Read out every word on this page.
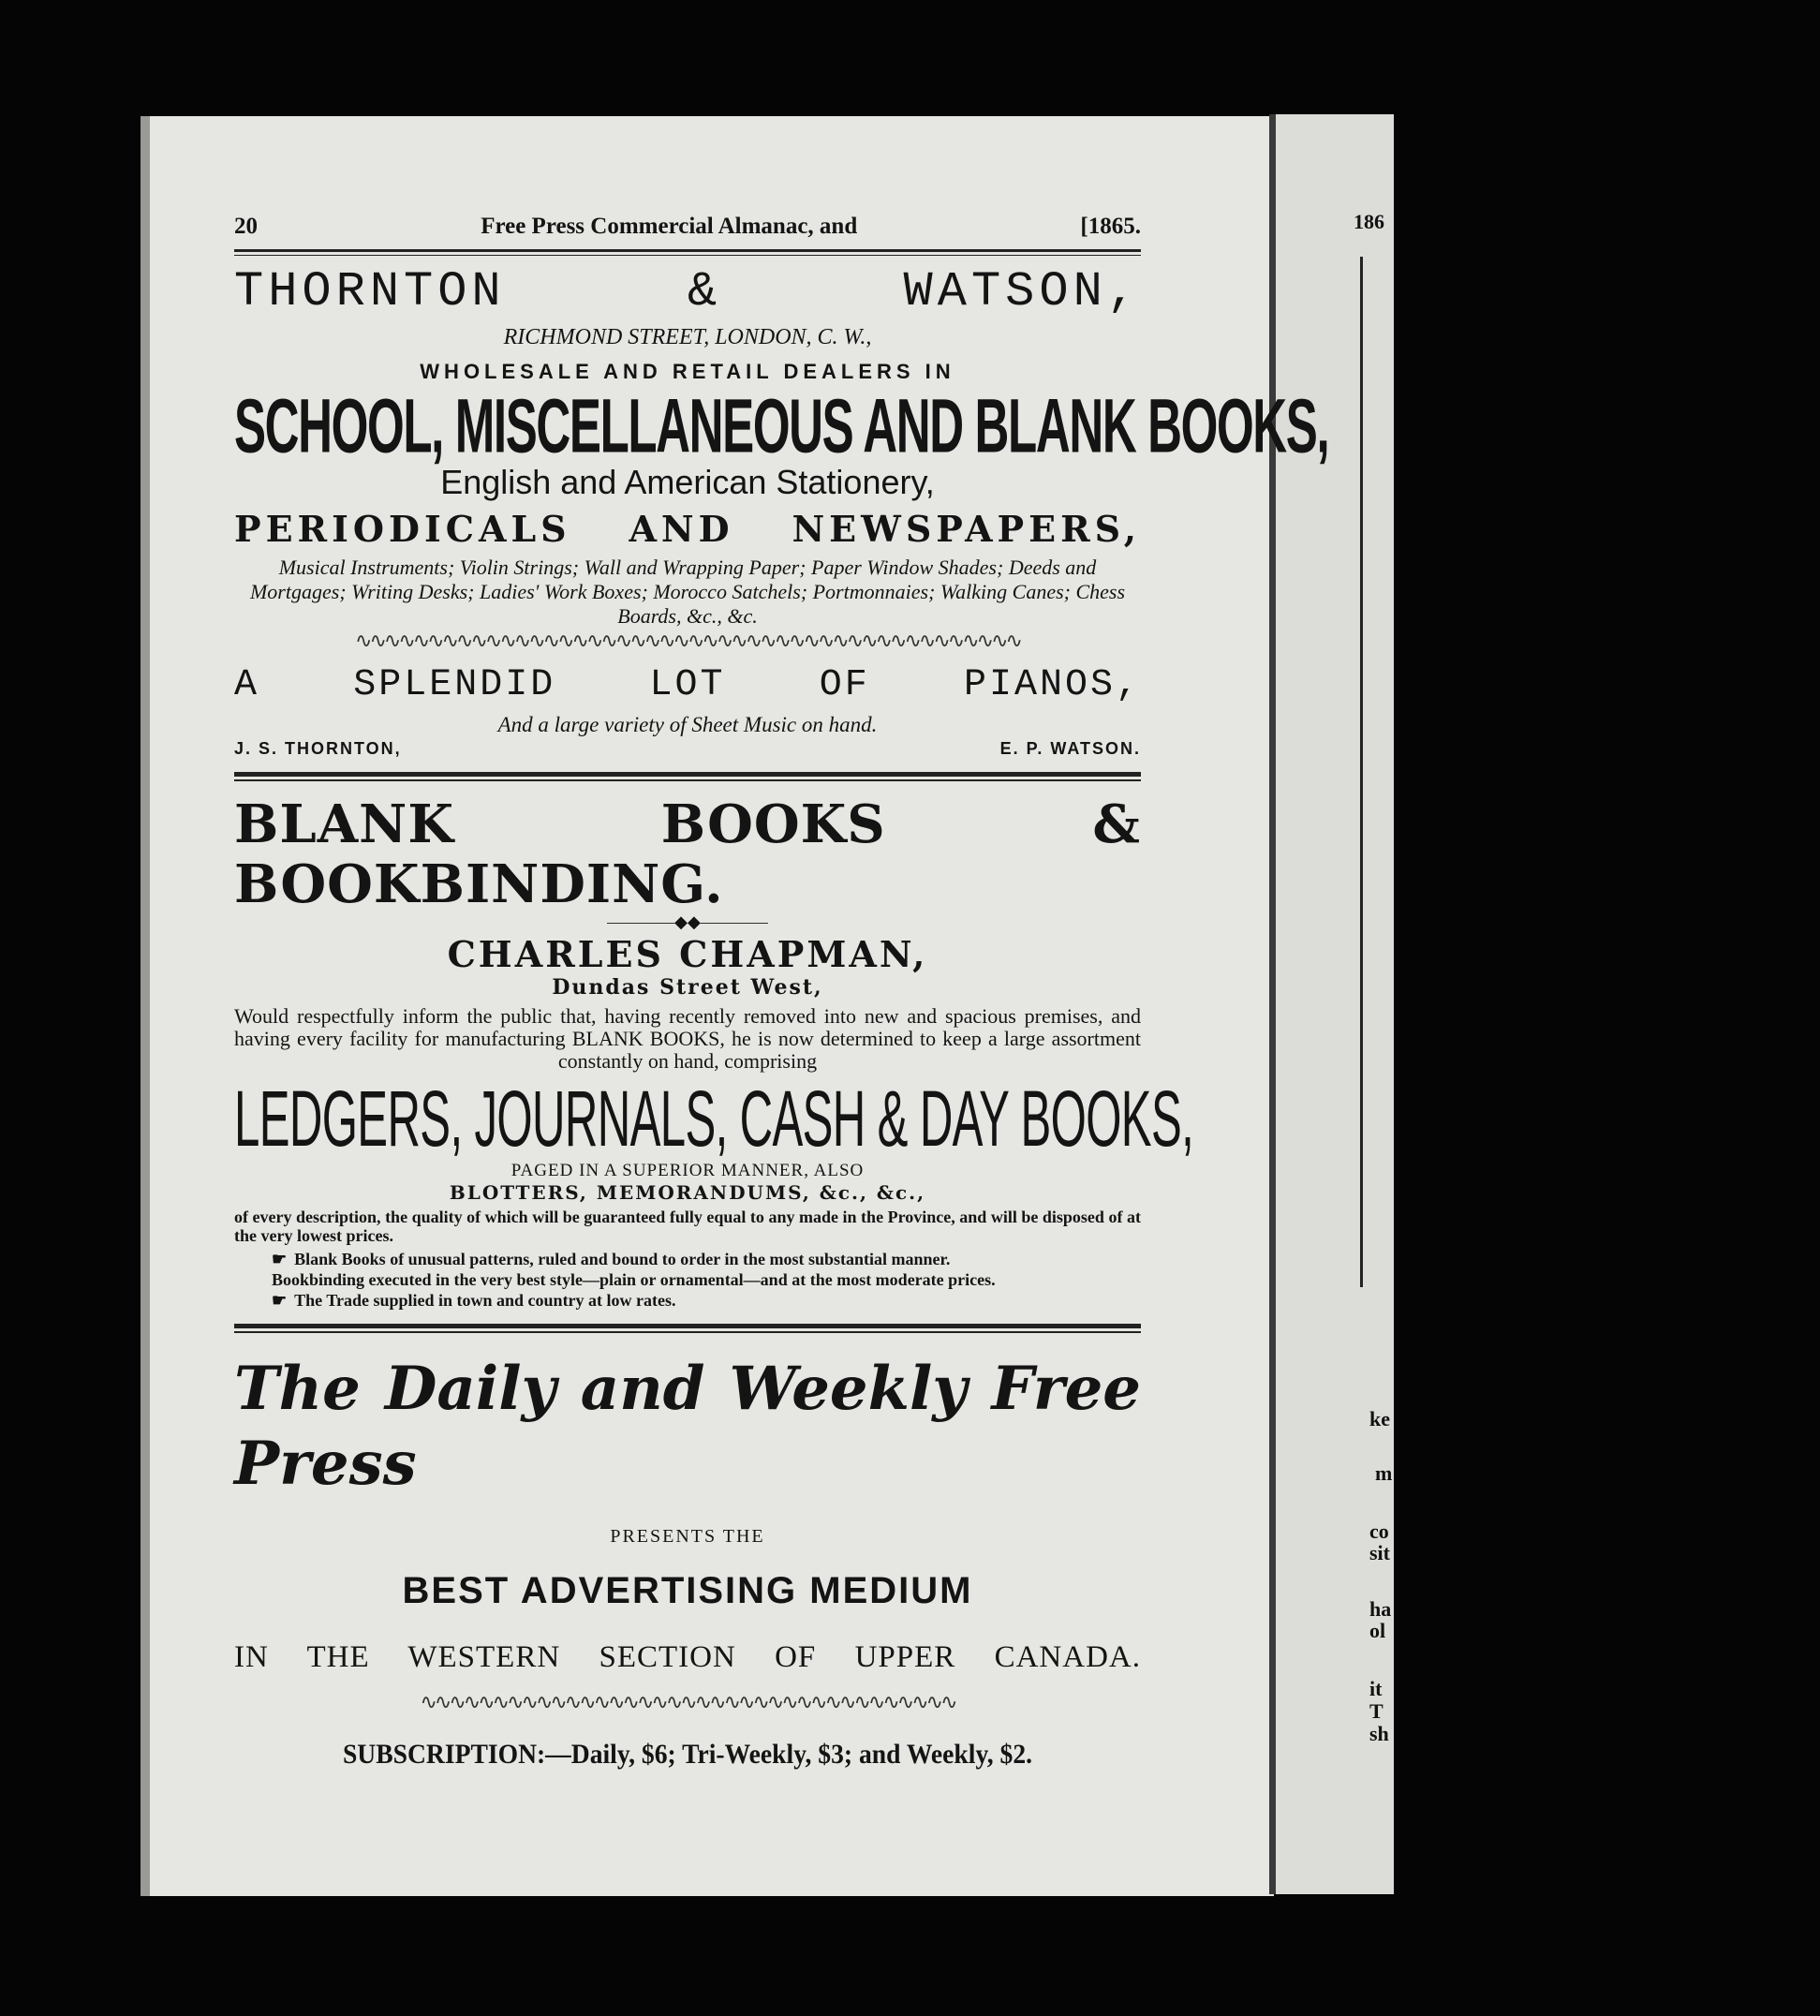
186
ke
m
co
sit
ha
ol
it
T
sh
20	Free Press Commercial Almanac, and	[1865.
THORNTON & WATSON,
RICHMOND STREET, LONDON, C. W.,
WHOLESALE AND RETAIL DEALERS IN
SCHOOL, MISCELLANEOUS AND BLANK BOOKS,
English and American Stationery,
PERIODICALS AND NEWSPAPERS,
Musical Instruments; Violin Strings; Wall and Wrapping Paper; Paper Window Shades; Deeds and Mortgages; Writing Desks; Ladies' Work Boxes; Morocco Satchels; Portmonnaies; Walking Canes; Chess Boards, &c., &c.
∿∿∿∿∿∿∿∿∿∿∿∿∿∿∿∿∿∿∿∿∿∿∿∿∿∿∿∿∿∿∿∿∿∿∿∿∿∿∿∿∿∿∿∿∿∿
A SPLENDID LOT OF PIANOS,
And a large variety of Sheet Music on hand.
J. S. THORNTON,	E. P. WATSON.
BLANK BOOKS & BOOKBINDING.
————◆◆————
CHARLES CHAPMAN,
Dundas Street West,
Would respectfully inform the public that, having recently removed into new and spacious premises, and having every facility for manufacturing BLANK BOOKS, he is now determined to keep a large assortment constantly on hand, comprising
LEDGERS, JOURNALS, CASH & DAY BOOKS,
PAGED IN A SUPERIOR MANNER, ALSO
BLOTTERS, MEMORANDUMS, &c., &c.,
of every description, the quality of which will be guaranteed fully equal to any made in the Province, and will be disposed of at the very lowest prices.
☛ Blank Books of unusual patterns, ruled and bound to order in the most substantial manner.
Bookbinding executed in the very best style—plain or ornamental—and at the most moderate prices.
☛ The Trade supplied in town and country at low rates.
The Daily and Weekly Free Press
PRESENTS THE
BEST ADVERTISING MEDIUM
IN THE WESTERN SECTION OF UPPER CANADA.
∿∿∿∿∿∿∿∿∿∿∿∿∿∿∿∿∿∿∿∿∿∿∿∿∿∿∿∿∿∿∿∿∿∿∿∿∿
SUBSCRIPTION:—Daily, $6; Tri-Weekly, $3; and Weekly, $2.
